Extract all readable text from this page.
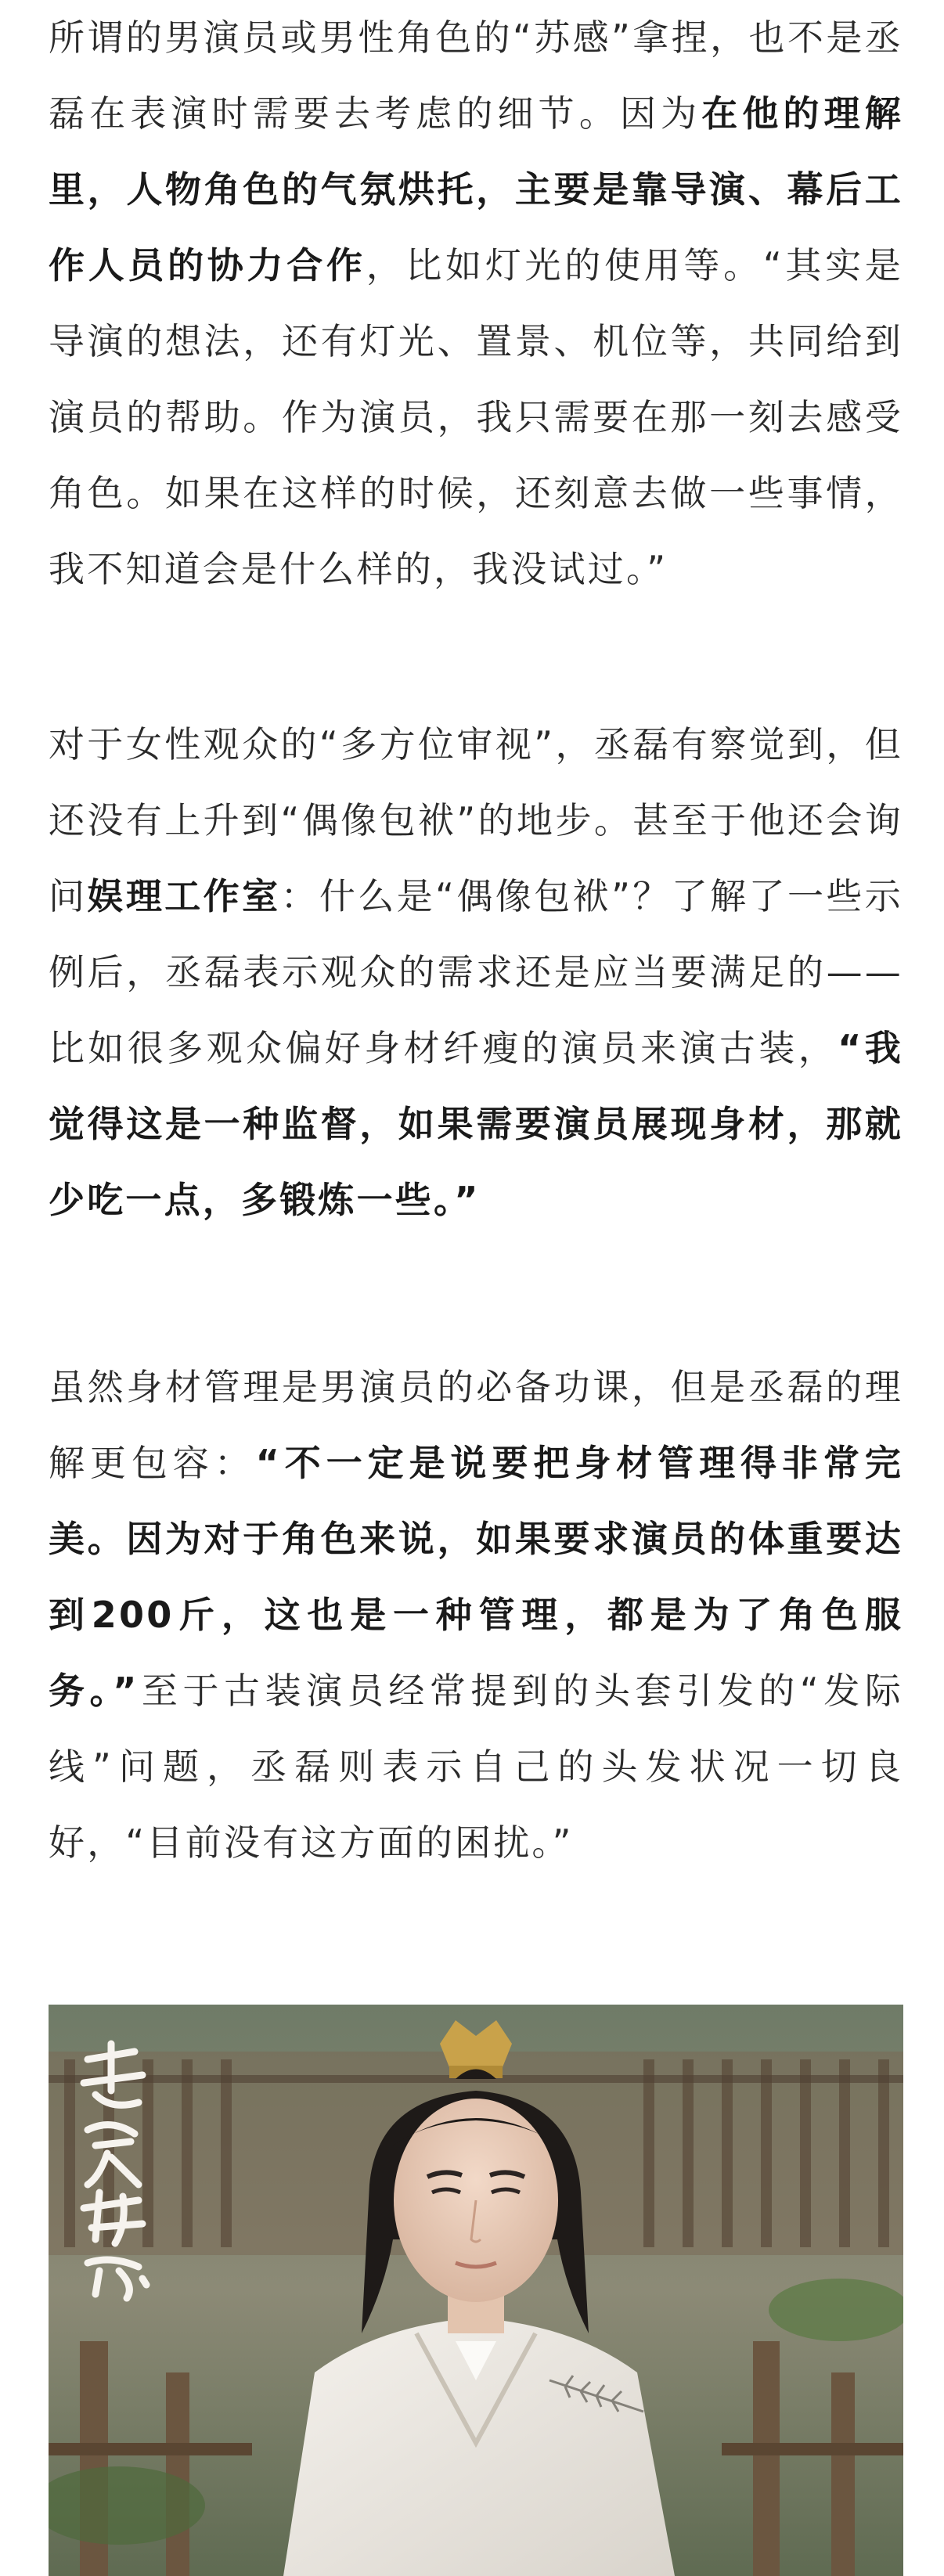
所谓的男演员或男性角色的“苏感”拿捏，也不是丞磊在表演时需要去考虑的细节。因为在他的理解里，人物角色的气氛烘托，主要是靠导演、幕后工作人员的协力合作，比如灯光的使用等。“其实是导演的想法，还有灯光、置景、机位等，共同给到演员的帮助。作为演员，我只需要在那一刻去感受角色。如果在这样的时候，还刻意去做一些事情，我不知道会是什么样的，我没试过。”

对于女性观众的“多方位审视”，丞磊有察觉到，但还没有上升到“偶像包袱”的地步。甚至于他还会询问娱理工作室：什么是“偶像包袱”？了解了一些示例后，丞磊表示观众的需求还是应当要满足的——比如很多观众偏好身材纤瘦的演员来演古装，“我觉得这是一种监督，如果需要演员展现身材，那就少吃一点，多锻炼一些。”

虽然身材管理是男演员的必备功课，但是丞磊的理解更包容：“不一定是说要把身材管理得非常完美。因为对于角色来说，如果要求演员的体重要达到200斤，这也是一种管理，都是为了角色服务。”至于古装演员经常提到的头套引发的“发际线”问题，丞磊则表示自己的头发状况一切良好，“目前没有这方面的困扰。”
